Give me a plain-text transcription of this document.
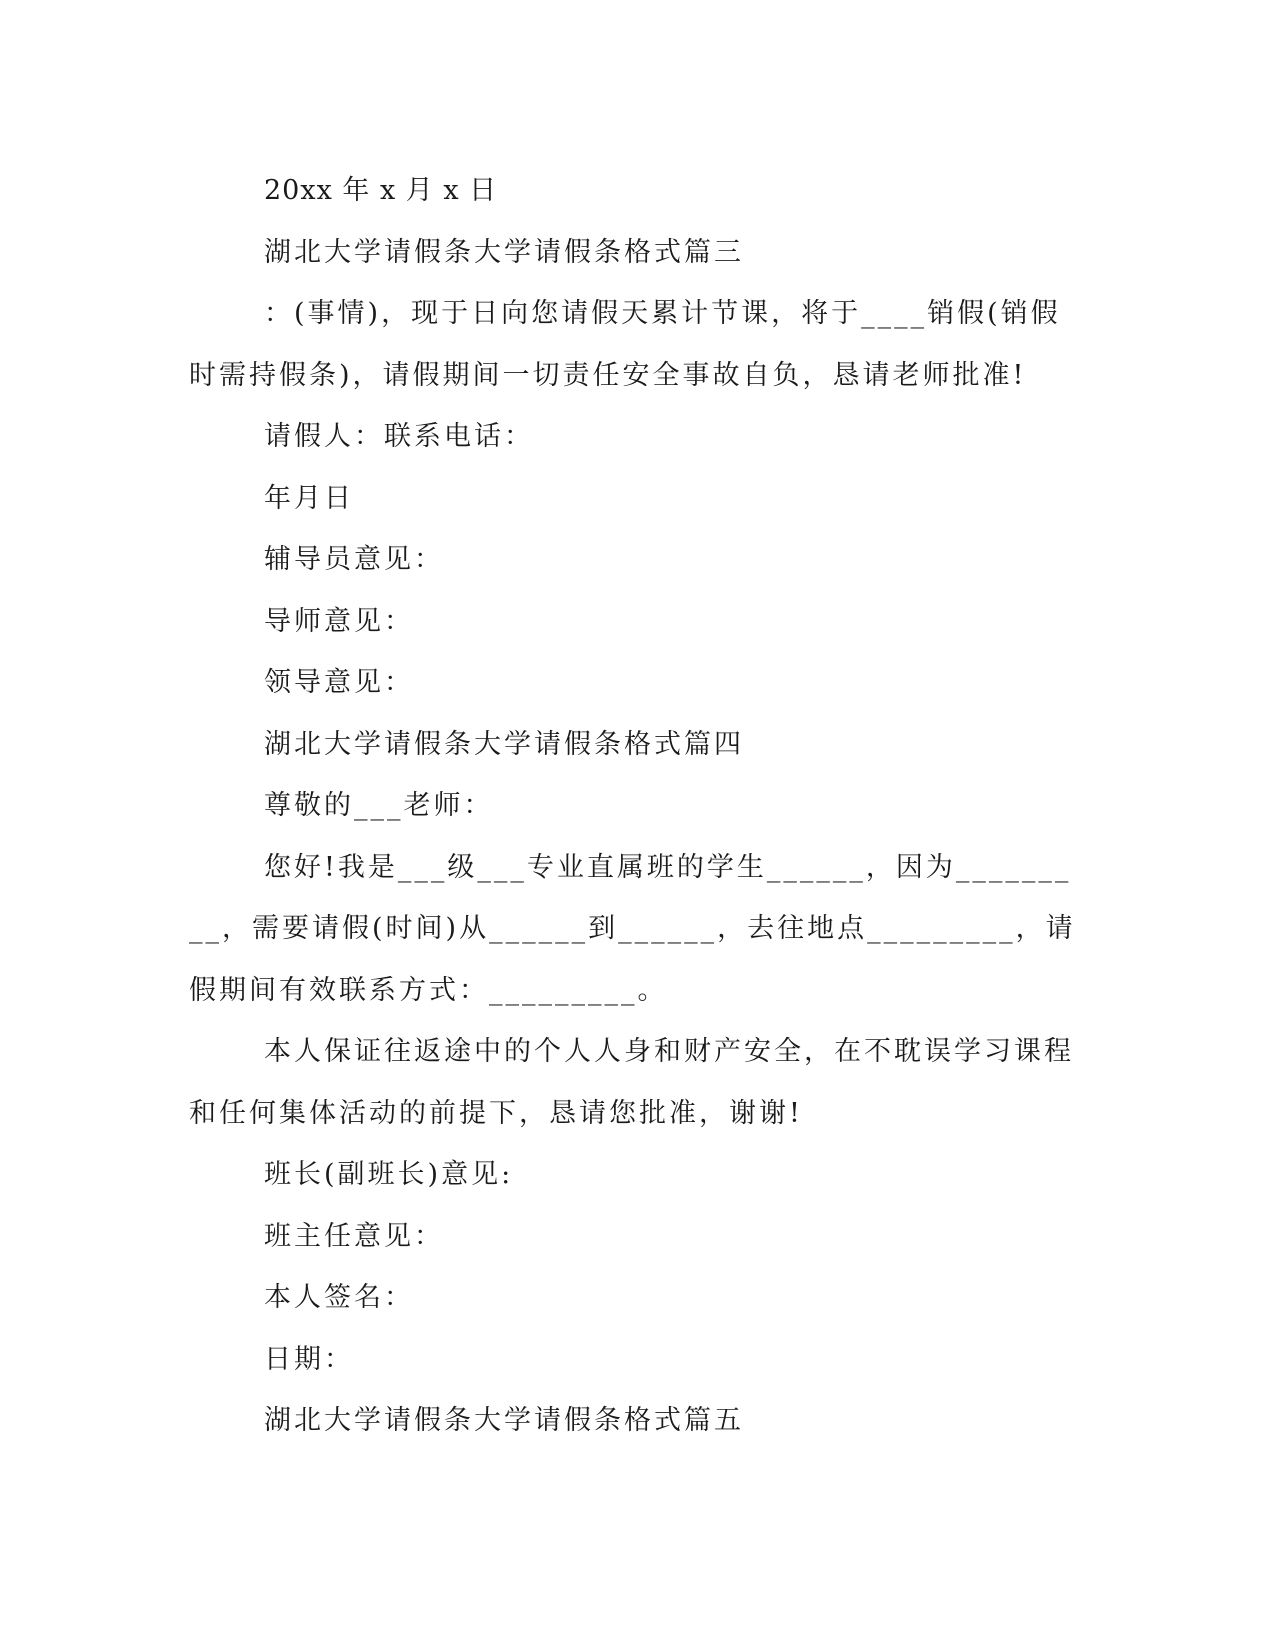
20xx 年 x 月 x 日

湖北大学请假条大学请假条格式篇三

：(事情)，现于日向您请假天累计节课，将于____销假(销假时需持假条)，请假期间一切责任安全事故自负，恳请老师批准!

请假人：联系电话：

年月日

辅导员意见：

导师意见：

领导意见：

湖北大学请假条大学请假条格式篇四

尊敬的___老师：

您好!我是___级___专业直属班的学生______，因为_________，需要请假(时间)从______到______，去往地点_________，请假期间有效联系方式：_________。

本人保证往返途中的个人人身和财产安全，在不耽误学习课程和任何集体活动的前提下，恳请您批准，谢谢!

班长(副班长)意见:

班主任意见：

本人签名：

日期：

湖北大学请假条大学请假条格式篇五
